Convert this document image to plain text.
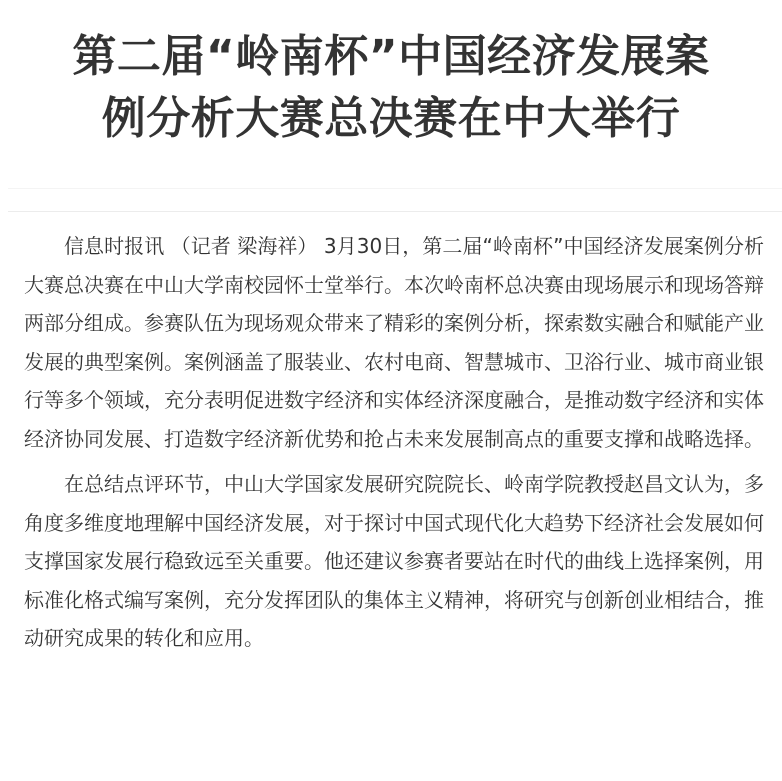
第二届“岭南杯”中国经济发展案
例分析大赛总决赛在中大举行

信息时报讯 （记者 梁海祥） 3月30日，第二届“岭南杯”中国经济发展案例分析大赛总决赛在中山大学南校园怀士堂举行。本次岭南杯总决赛由现场展示和现场答辩两部分组成。参赛队伍为现场观众带来了精彩的案例分析，探索数实融合和赋能产业发展的典型案例。案例涵盖了服装业、农村电商、智慧城市、卫浴行业、城市商业银行等多个领域，充分表明促进数字经济和实体经济深度融合，是推动数字经济和实体经济协同发展、打造数字经济新优势和抢占未来发展制高点的重要支撑和战略选择。

在总结点评环节，中山大学国家发展研究院院长、岭南学院教授赵昌文认为，多角度多维度地理解中国经济发展，对于探讨中国式现代化大趋势下经济社会发展如何支撑国家发展行稳致远至关重要。他还建议参赛者要站在时代的曲线上选择案例，用标准化格式编写案例，充分发挥团队的集体主义精神，将研究与创新创业相结合，推动研究成果的转化和应用。
